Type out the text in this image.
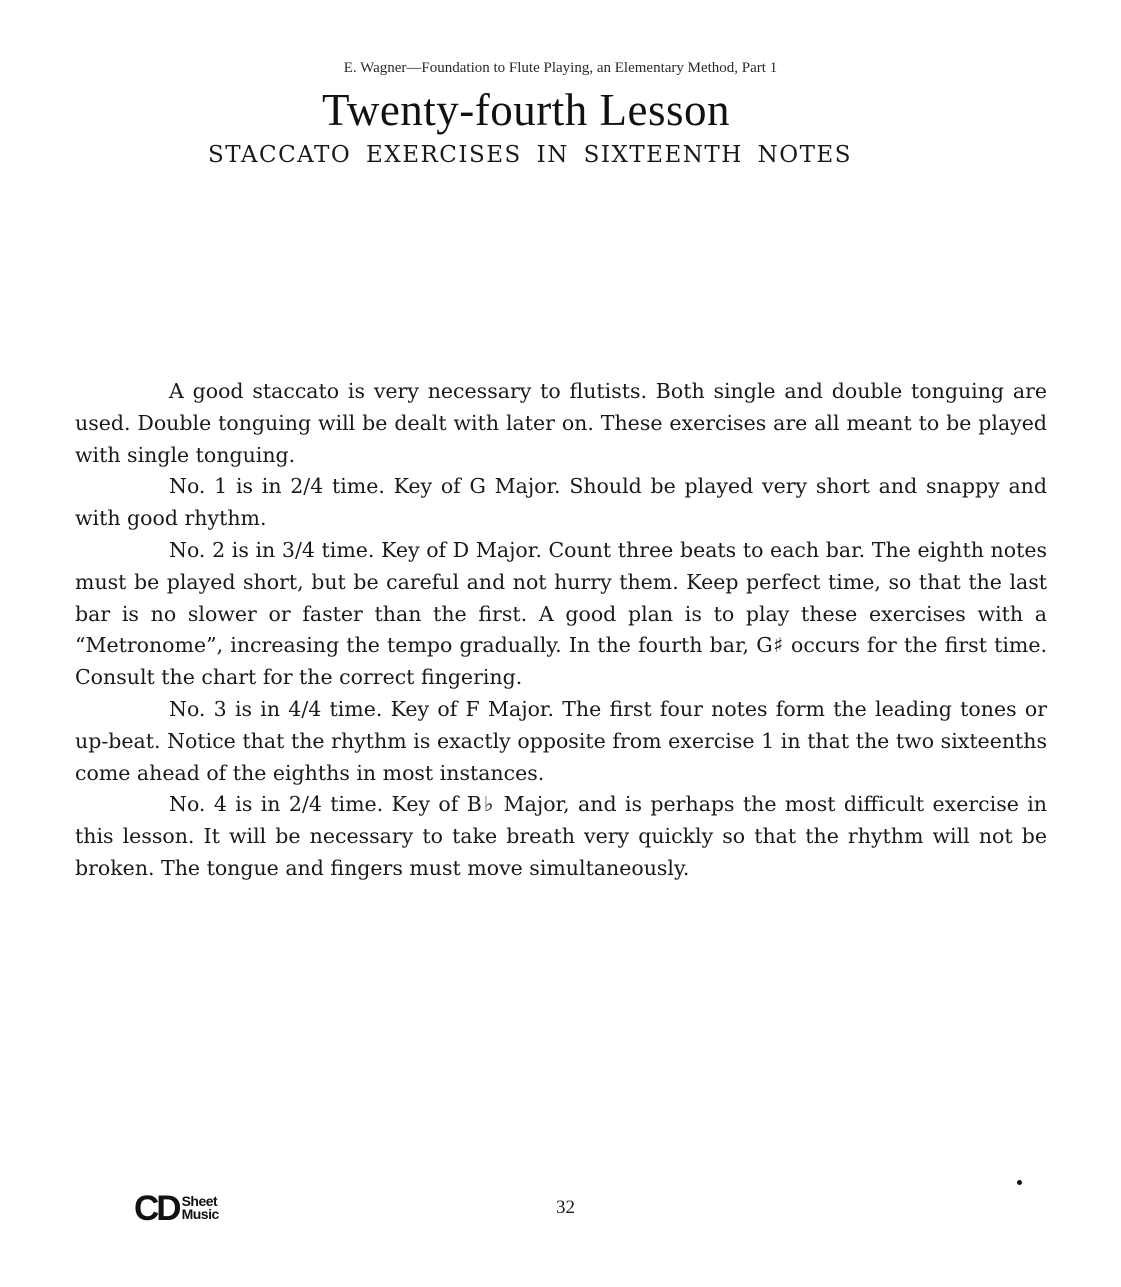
E. Wagner—Foundation to Flute Playing, an Elementary Method, Part 1
Twenty-fourth Lesson
STACCATO EXERCISES IN SIXTEENTH NOTES

A good staccato is very necessary to flutists. Both single and double tonguing are used. Double tonguing will be dealt with later on. These exercises are all meant to be played with single tonguing.

No. 1 is in 2/4 time. Key of G Major. Should be played very short and snappy and with good rhythm.

No. 2 is in 3/4 time. Key of D Major. Count three beats to each bar. The eighth notes must be played short, but be careful and not hurry them. Keep perfect time, so that the last bar is no slower or faster than the first. A good plan is to play these exercises with a “Metronome”, increasing the tempo gradually. In the fourth bar, G♯ occurs for the first time. Consult the chart for the correct fingering.

No. 3 is in 4/4 time. Key of F Major. The first four notes form the leading tones or up-beat. Notice that the rhythm is exactly opposite from exercise 1 in that the two sixteenths come ahead of the eighths in most instances.

No. 4 is in 2/4 time. Key of B♭ Major, and is perhaps the most difficult exercise in this lesson. It will be necessary to take breath very quickly so that the rhythm will not be broken. The tongue and fingers must move simultaneously.

CD Sheet
Music	32
